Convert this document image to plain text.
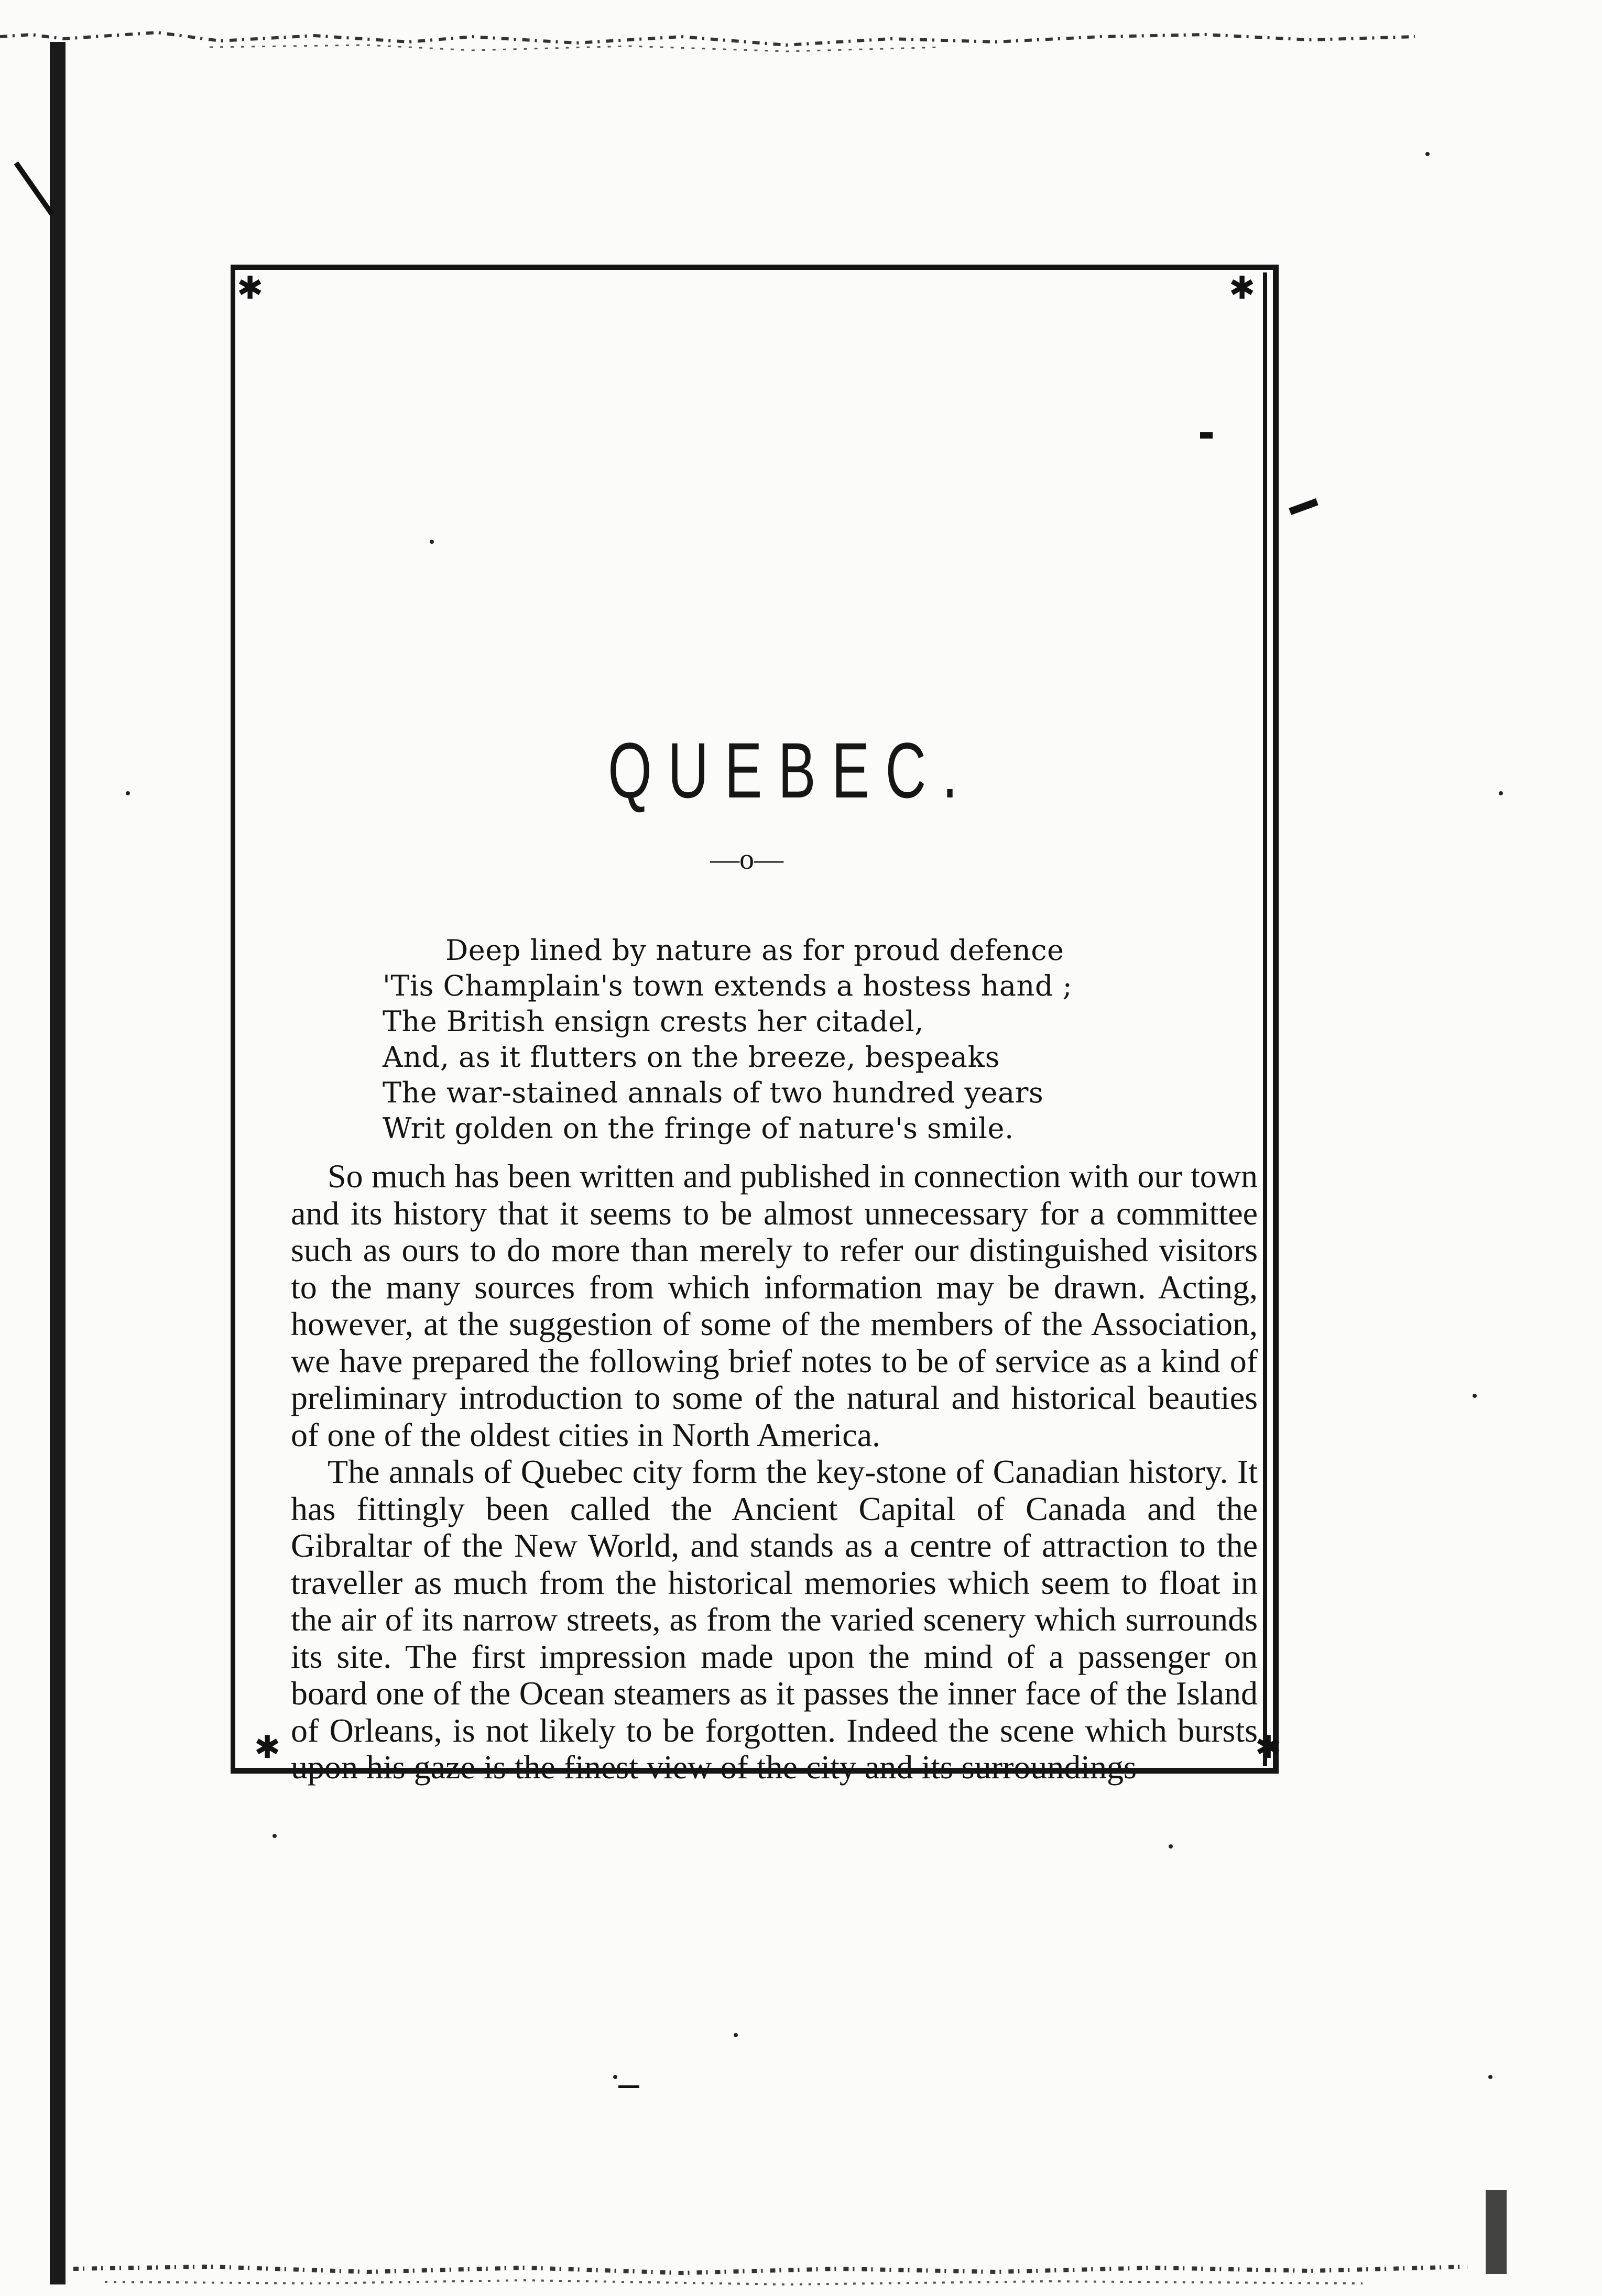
✱	✱
✱	✱
QUEBEC.
—o—
Deep lined by nature as for proud defence
'Tis Champlain's town extends a hostess hand ;
The British ensign crests her citadel,
And, as it flutters on the breeze, bespeaks
The war-stained annals of two hundred years
Writ golden on the fringe of nature's smile.

So much has been written and published in connection with our town and its history that it seems to be almost unnecessary for a committee such as ours to do more than merely to refer our distinguished visitors to the many sources from which information may be drawn. Acting, however, at the suggestion of some of the members of the Association, we have prepared the following brief notes to be of service as a kind of preliminary introduction to some of the natural and historical beauties of one of the oldest cities in North America.

The annals of Quebec city form the key-stone of Canadian history. It has fittingly been called the Ancient Capital of Canada and the Gibraltar of the New World, and stands as a centre of attraction to the traveller as much from the historical memories which seem to float in the air of its narrow streets, as from the varied scenery which surrounds its site. The first impression made upon the mind of a passenger on board one of the Ocean steamers as it passes the inner face of the Island of Orleans, is not likely to be forgotten. Indeed the scene which bursts upon his gaze is the finest view of the city and its surroundings
